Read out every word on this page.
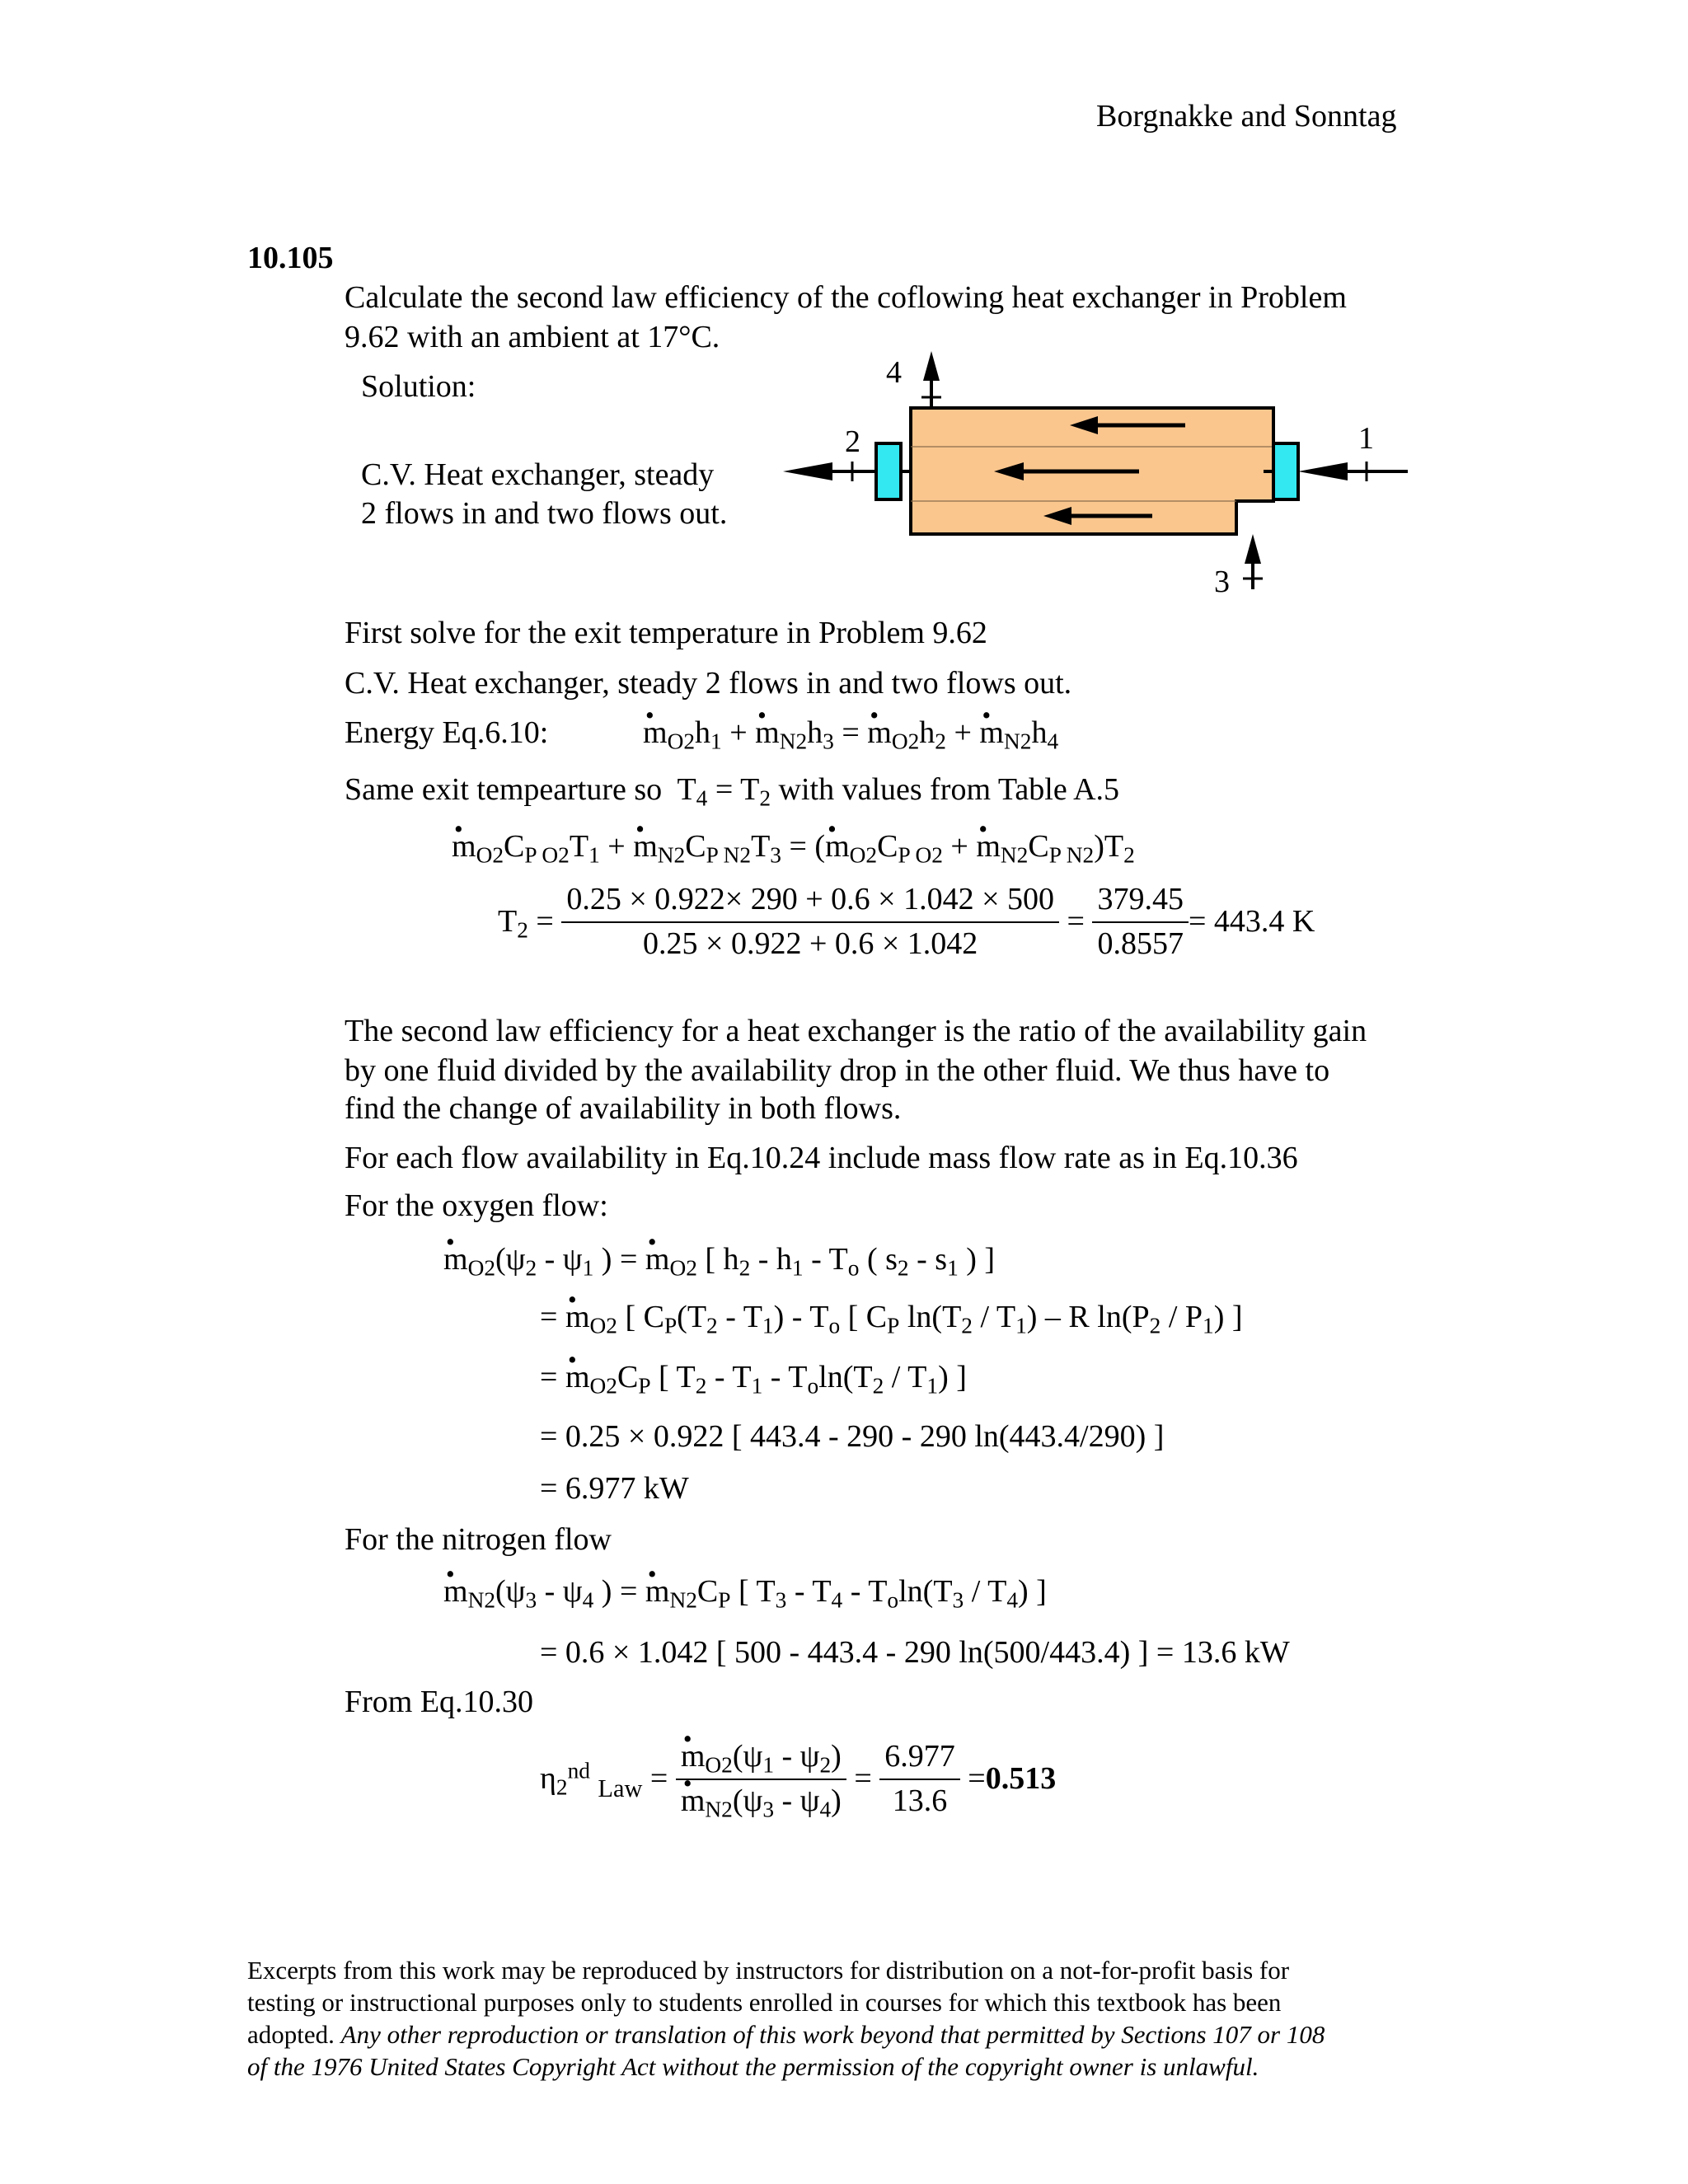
Borgnakke and Sonntag
10.105
Calculate the second law efficiency of the coflowing heat exchanger in Problem
9.62 with an ambient at 17°C.
Solution:
C.V. Heat exchanger, steady
2 flows in and two flows out.
1
2
3
4
First solve for the exit temperature in Problem 9.62
C.V. Heat exchanger, steady 2 flows in and two flows out.
Energy Eq.6.10:	• $m_{O2}h_1$ + • $m_{N2}h_3$ = • $m_{O2}h_2$ + • $m_{N2}h_4$
Same exit tempearture so  $T_4 = T_2$ with values from Table A.5
• $m_{O2}C_{P O2}T_1$ + • $m_{N2}C_{P N2}T_3$ = (• $m_{O2}C_{P O2}$ + • $m_{N2}C_{P N2})T_2$
$T_2 = \frac{0.25 \times 0.922\times 290 + 0.6 \times 1.042 \times 500}{0.25 \times 0.922 + 0.6 \times 1.042} = \frac{379.45}{0.8557} = 443.4$ K
The second law efficiency for a heat exchanger is the ratio of the availability gain
by one fluid divided by the availability drop in the other fluid. We thus have to
find the change of availability in both flows.
For each flow availability in Eq.10.24 include mass flow rate as in Eq.10.36
For the oxygen flow:
• $m_{O2}(\psi_2 - \psi_1$ ) = • $m_{O2}$ [ $h_2 - h_1 - T_o$ ( $s_2 - s_1$ ) ]
= • $m_{O2}$ [ $C_P(T_2 - T_1) - T_o$ [ $C_P$ $\ln(T_2 / T_1)$ – R $\ln(P_2 / P_1)$ ]
= • $m_{O2}C_P$ [ $T_2 - T_1 - T_o\ln(T_2 / T_1)$ ]
= 0.25 × 0.922 [ 443.4 - 290 - 290 ln(443.4/290) ]
= 6.977 kW
For the nitrogen flow
• $m_{N2}(\psi_3 - \psi_4$ ) = • $m_{N2}C_P$ [ $T_3 - T_4 - T_o\ln(T_3 / T_4)$ ]
= 0.6 × 1.042 [ 500 - 443.4 - 290 ln(500/443.4) ] = 13.6 kW
From Eq.10.30
$\eta_2^{nd}$ $_{Law}$ = • $m_{O2}(\psi_1 - \psi_2)$
• $m_{N2}(\psi_3 - \psi_4) = \frac{6.977}{13.6} = 0.513$
Excerpts from this work may be reproduced by instructors for distribution on a not-for-profit basis for
testing or instructional purposes only to students enrolled in courses for which this textbook has been
adopted. Any other reproduction or translation of this work beyond that permitted by Sections 107 or 108
of the 1976 United States Copyright Act without the permission of the copyright owner is unlawful.
